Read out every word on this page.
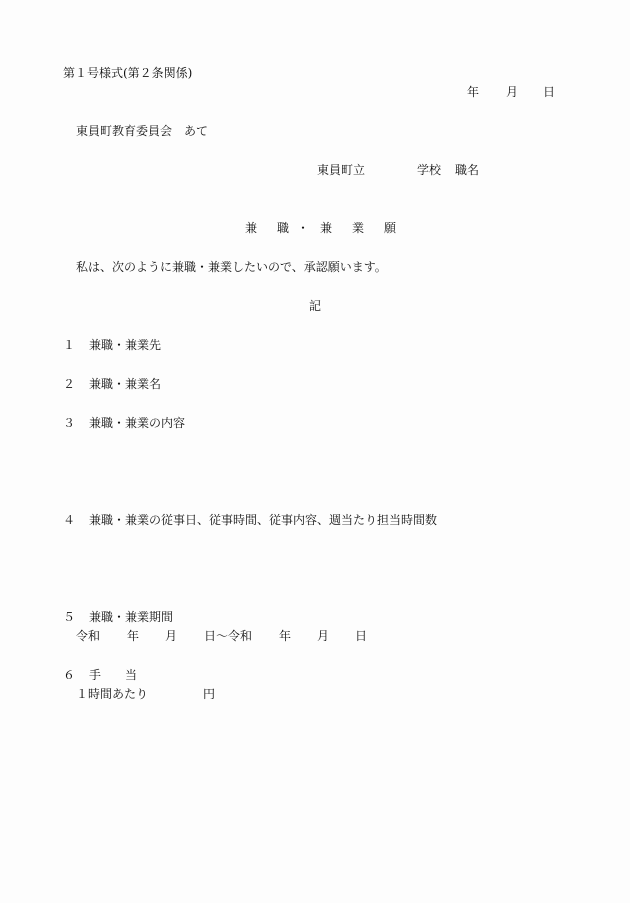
第１号様式(第２条関係)
年 月 日
東員町教育委員会　あて
東員町立	学校 職名
兼　職 ・ 兼　業　願
私は、次のように兼職・兼業したいので、承認願います。
記
１ 兼職・兼業先
２ 兼職・兼業名
３ 兼職・兼業の内容
４ 兼職・兼業の従事日、従事時間、従事内容、週当たり担当時間数
５ 兼職・兼業期間
令和 年 月 日～令和 年 月 日
６ 手　　当
１時間あたり	円
